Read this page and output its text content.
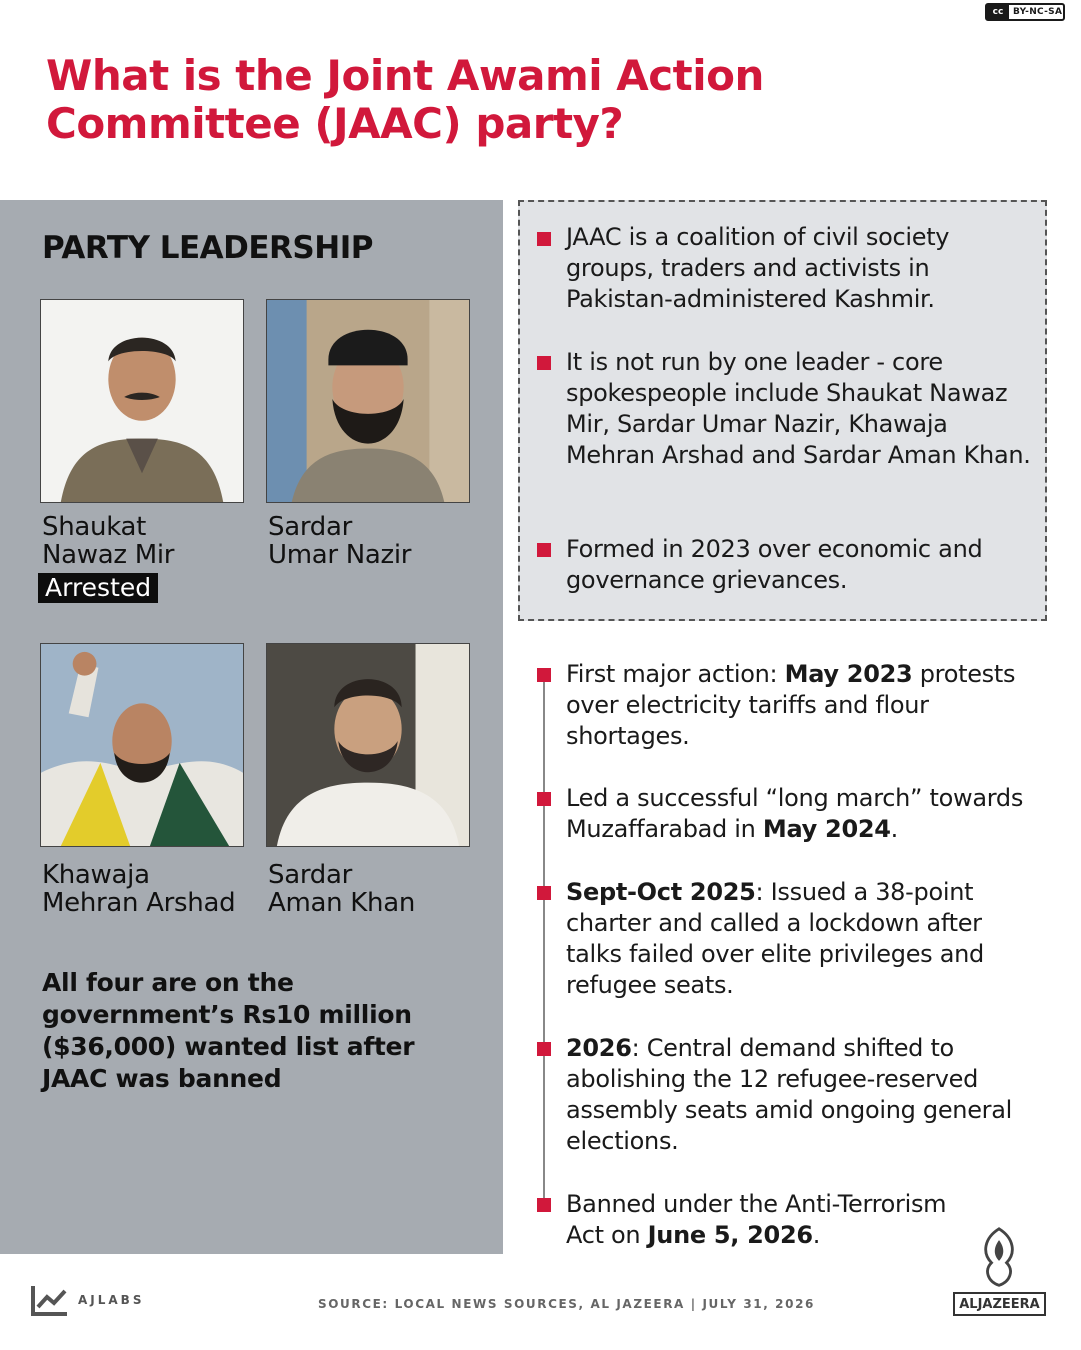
cc	BY-NC-SA
What is the Joint Awami Action Committee (JAAC) party?
PARTY LEADERSHIP
Shaukat
Nawaz Mir
Arrested
Sardar
Umar Nazir
Khawaja
Mehran Arshad
Sardar
Aman Khan
All four are on the government’s Rs10 million ($36,000) wanted list after JAAC was banned
JAAC is a coalition of civil society groups, traders and activists in Pakistan-administered Kashmir.
It is not run by one leader - core spokespeople include Shaukat Nawaz Mir, Sardar Umar Nazir, Khawaja Mehran Arshad and Sardar Aman Khan.
Formed in 2023 over economic and governance grievances.
First major action: May 2023 protests over electricity tariffs and flour shortages.
Led a successful “long march” towards Muzaffarabad in May 2024.
Sept-Oct 2025: Issued a 38-point charter and called a lockdown after talks failed over elite privileges and refugee seats.
2026: Central demand shifted to abolishing the 12 refugee-reserved assembly seats amid ongoing general elections.
Banned under the Anti-Terrorism Act on June 5, 2026.
AJLABS	SOURCE: LOCAL NEWS SOURCES, AL JAZEERA | JULY 31, 2026	ALJAZEERA
